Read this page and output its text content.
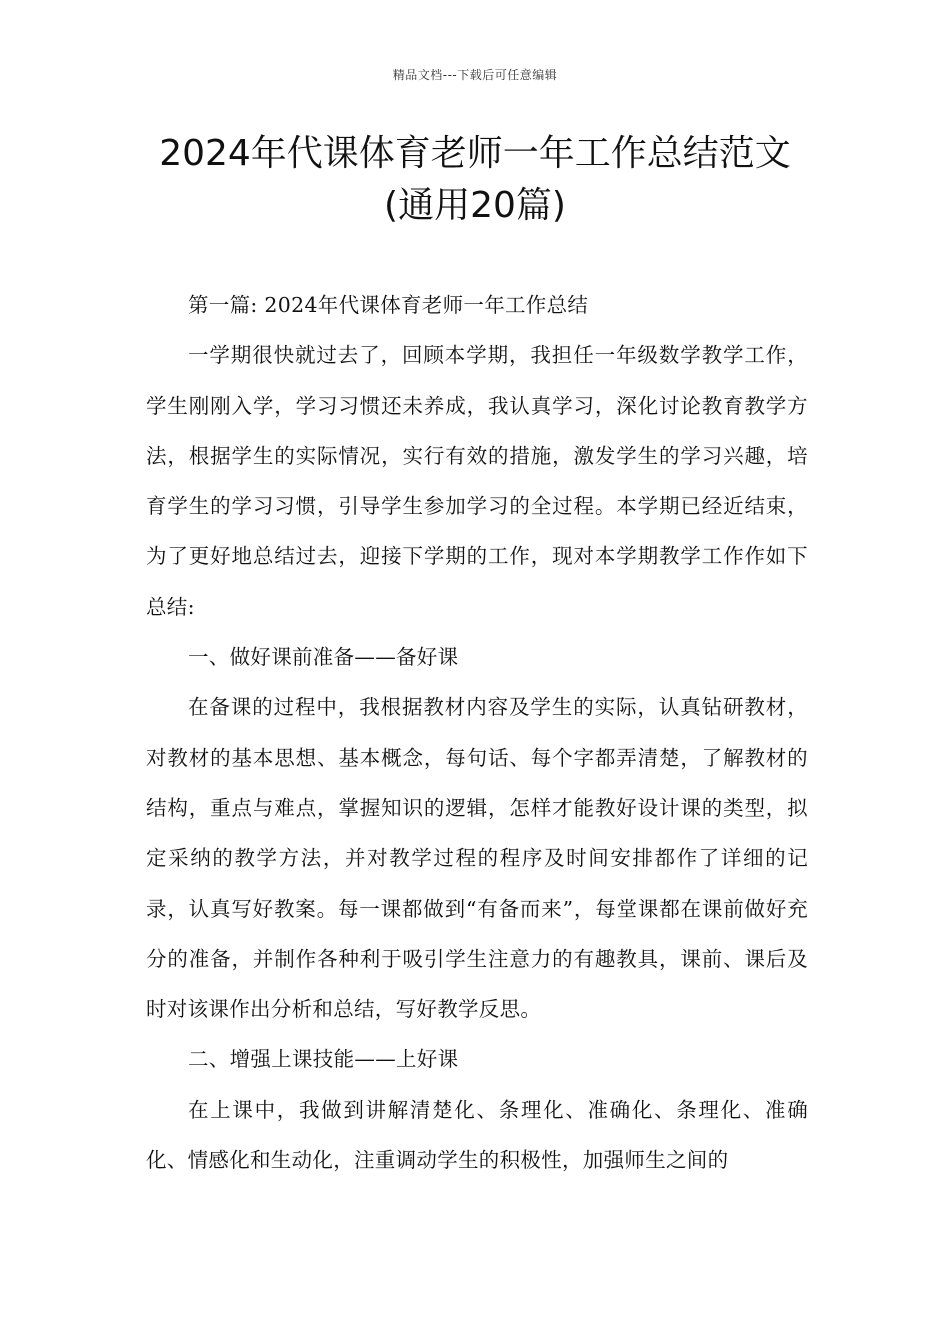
精品文档---下载后可任意编辑
2024年代课体育老师一年工作总结范文
(通用20篇)

第一篇: 2024年代课体育老师一年工作总结

一学期很快就过去了，回顾本学期，我担任一年级数学教学工作，学生刚刚入学，学习习惯还未养成，我认真学习，深化讨论教育教学方法，根据学生的实际情况，实行有效的措施，激发学生的学习兴趣，培育学生的学习习惯，引导学生参加学习的全过程。本学期已经近结束，为了更好地总结过去，迎接下学期的工作，现对本学期教学工作作如下总结:

一、做好课前准备——备好课

在备课的过程中，我根据教材内容及学生的实际，认真钻研教材，对教材的基本思想、基本概念，每句话、每个字都弄清楚，了解教材的结构，重点与难点，掌握知识的逻辑，怎样才能教好设计课的类型，拟定采纳的教学方法，并对教学过程的程序及时间安排都作了详细的记录，认真写好教案。每一课都做到“有备而来”，每堂课都在课前做好充分的准备，并制作各种利于吸引学生注意力的有趣教具，课前、课后及时对该课作出分析和总结，写好教学反思。

二、增强上课技能——上好课

在上课中，我做到讲解清楚化、条理化、准确化、条理化、准确化、情感化和生动化，注重调动学生的积极性，加强师生之间的
